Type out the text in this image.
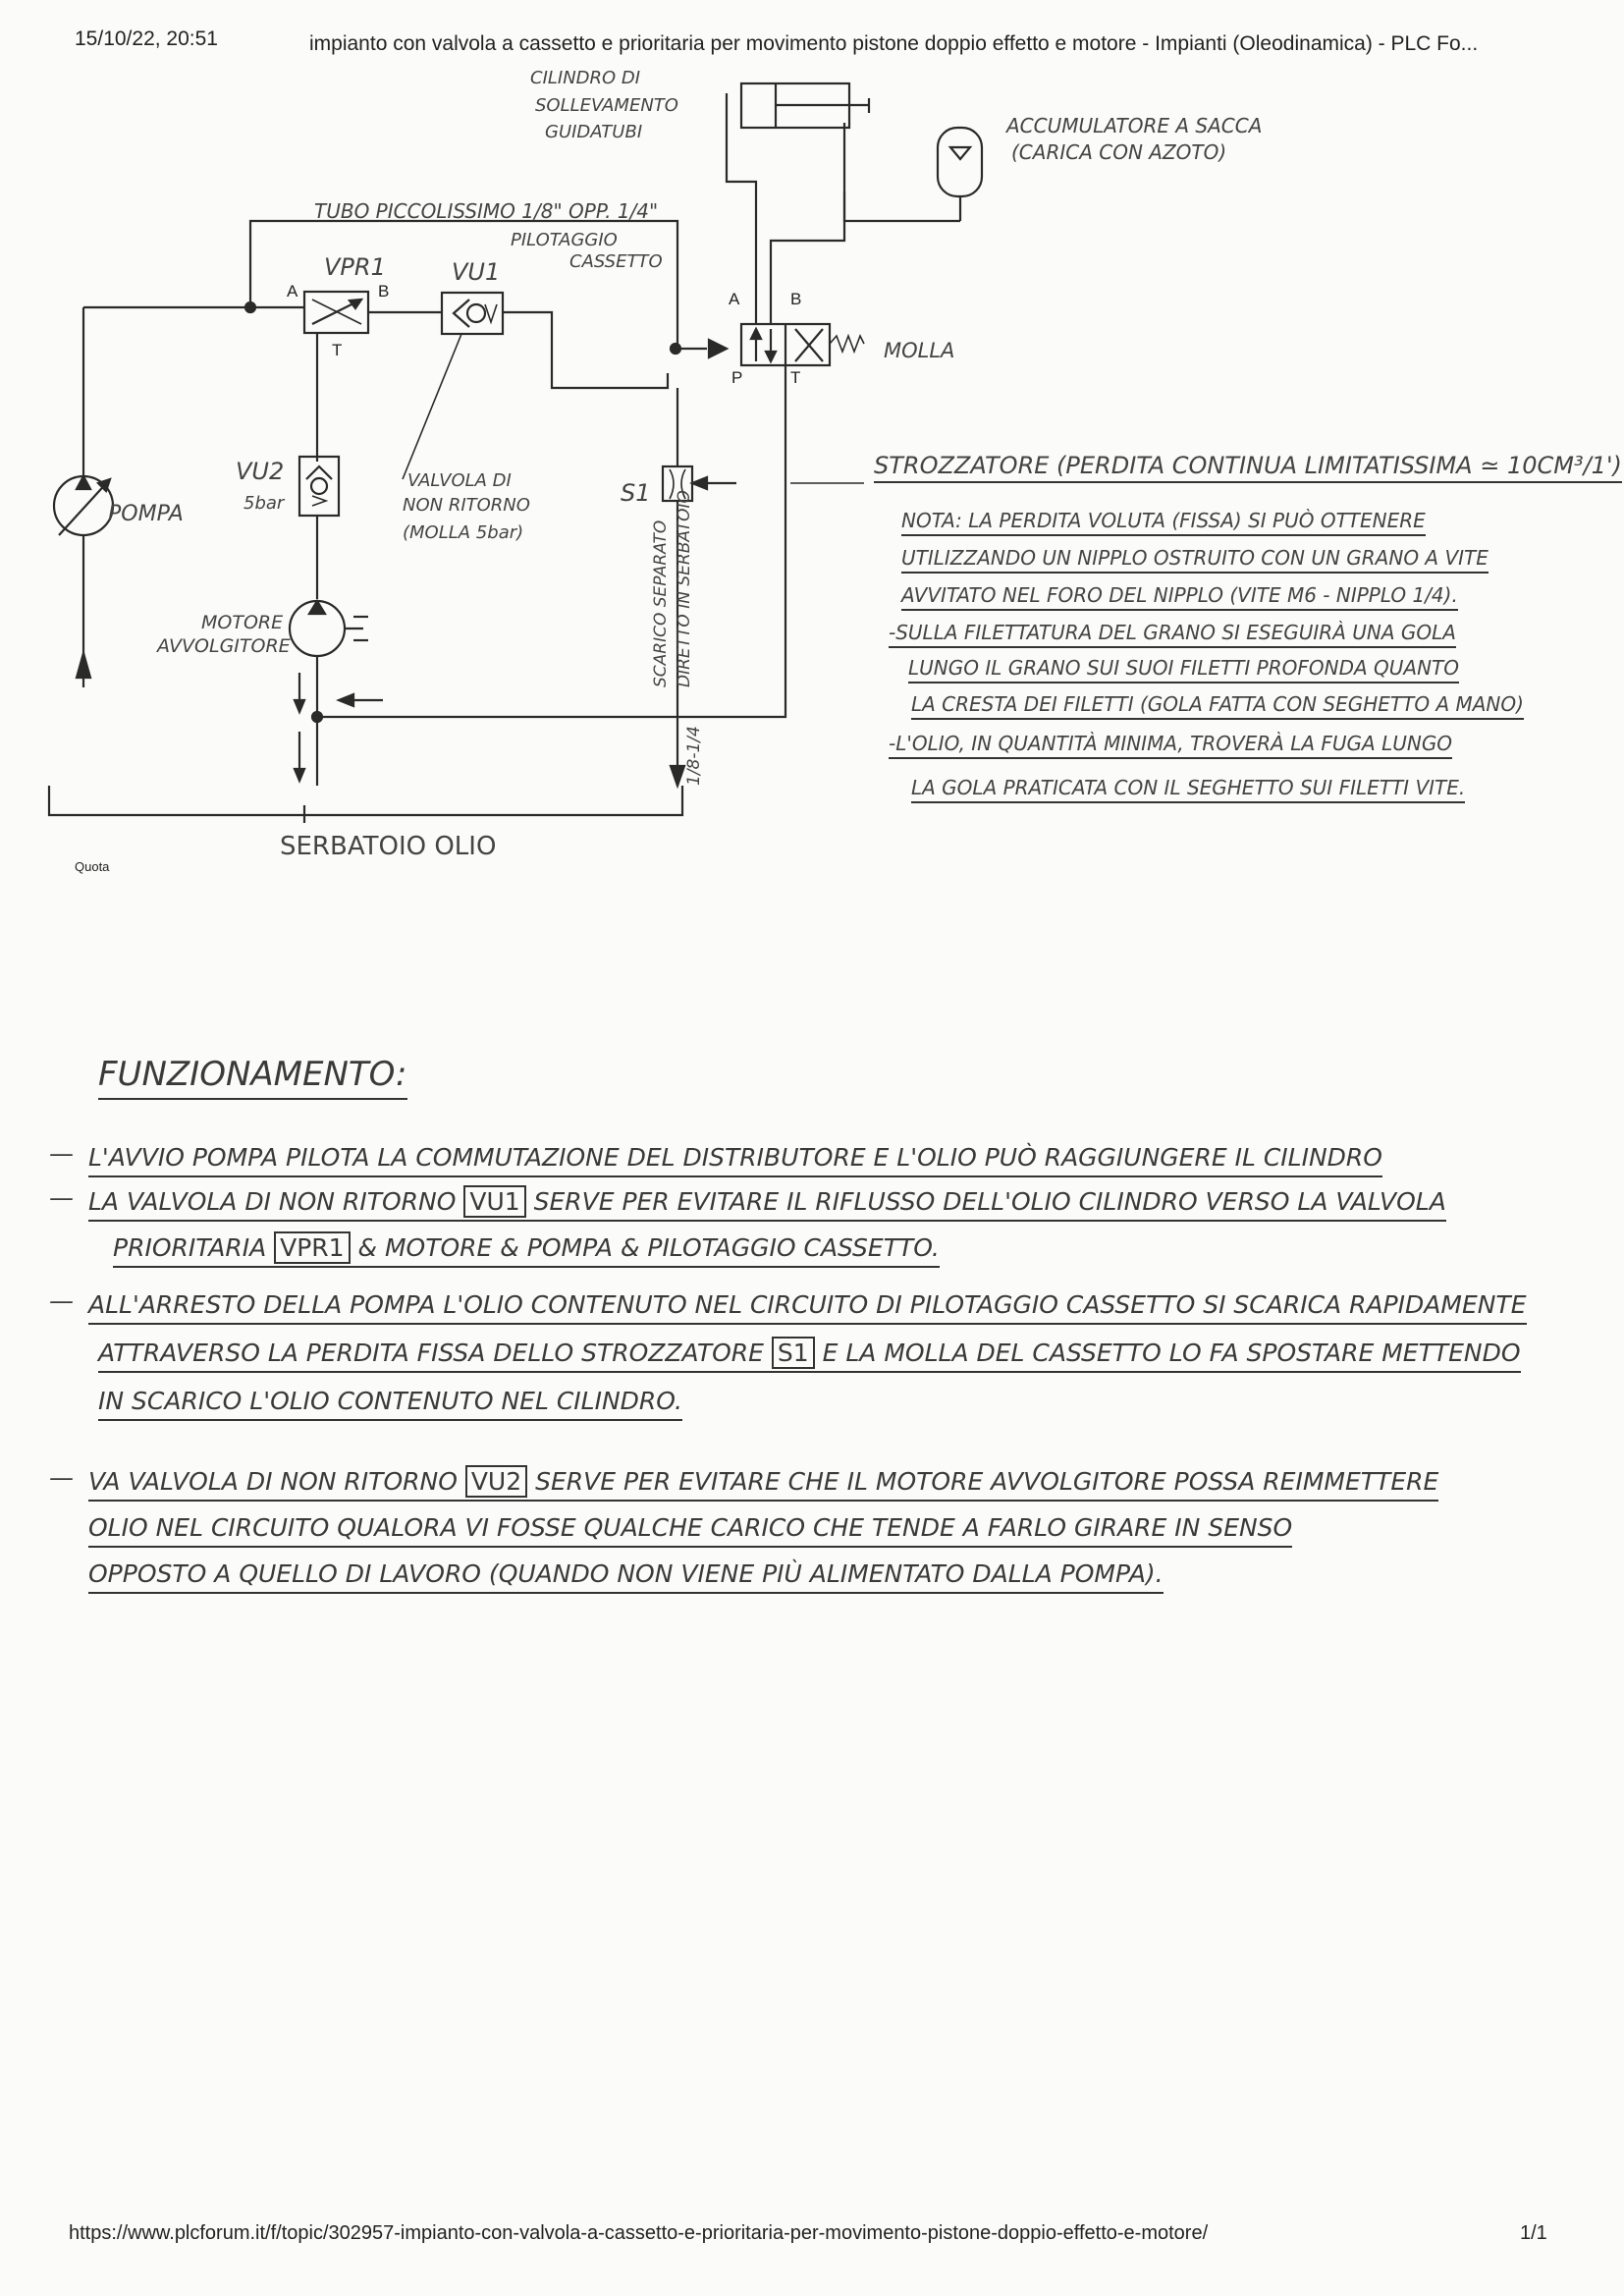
15/10/22, 20:51	impianto con valvola a cassetto e prioritaria per movimento pistone doppio effetto e motore - Impianti (Oleodinamica) - PLC Fo...
POMPA
TUBO PICCOLISSIMO 1/8" OPP. 1/4"
PILOTAGGIO
CASSETTO
VPR1
A	B
T
VU1
A	B
P	T
MOLLA
CILINDRO DI
SOLLEVAMENTO
GUIDATUBI	ACCUMULATORE A SACCA
(CARICA CON AZOTO)
S1
SCARICO SEPARATO DIRETTO IN SERBATOIO
1/8-1/4
VU2
5bar
MOTORE
AVVOLGITORE
VALVOLA DI
NON RITORNO
(MOLLA 5bar)
SERBATOIO OLIO
STROZZATORE (PERDITA CONTINUA LIMITATISSIMA ≃ 10CM³/1')
NOTA: LA PERDITA VOLUTA (FISSA) SI PUÒ OTTENERE
UTILIZZANDO UN NIPPLO OSTRUITO CON UN GRANO A VITE
AVVITATO NEL FORO DEL NIPPLO (VITE M6 - NIPPLO 1/4).
-SULLA FILETTATURA DEL GRANO SI ESEGUIRÀ UNA GOLA
LUNGO IL GRANO SUI SUOI FILETTI PROFONDA QUANTO
LA CRESTA DEI FILETTI (GOLA FATTA CON SEGHETTO A MANO)
-L'OLIO, IN QUANTITÀ MINIMA, TROVERÀ LA FUGA LUNGO
LA GOLA PRATICATA CON IL SEGHETTO SUI FILETTI VITE.
Quota

FUNZIONAMENTO:

— L'AVVIO POMPA PILOTA LA COMMUTAZIONE DEL DISTRIBUTORE E L'OLIO PUÒ RAGGIUNGERE IL CILINDRO

— LA VALVOLA DI NON RITORNO VU1 SERVE PER EVITARE IL RIFLUSSO DELL'OLIO CILINDRO VERSO LA VALVOLA

PRIORITARIA VPR1 & MOTORE & POMPA & PILOTAGGIO CASSETTO.

— ALL'ARRESTO DELLA POMPA L'OLIO CONTENUTO NEL CIRCUITO DI PILOTAGGIO CASSETTO SI SCARICA RAPIDAMENTE

ATTRAVERSO LA PERDITA FISSA DELLO STROZZATORE S1 E LA MOLLA DEL CASSETTO LO FA SPOSTARE METTENDO

IN SCARICO L'OLIO CONTENUTO NEL CILINDRO.

— VA VALVOLA DI NON RITORNO VU2 SERVE PER EVITARE CHE IL MOTORE AVVOLGITORE POSSA REIMMETTERE

OLIO NEL CIRCUITO QUALORA VI FOSSE QUALCHE CARICO CHE TENDE A FARLO GIRARE IN SENSO

OPPOSTO A QUELLO DI LAVORO (QUANDO NON VIENE PIÙ ALIMENTATO DALLA POMPA).

https://www.plcforum.it/f/topic/302957-impianto-con-valvola-a-cassetto-e-prioritaria-per-movimento-pistone-doppio-effetto-e-motore/	1/1
